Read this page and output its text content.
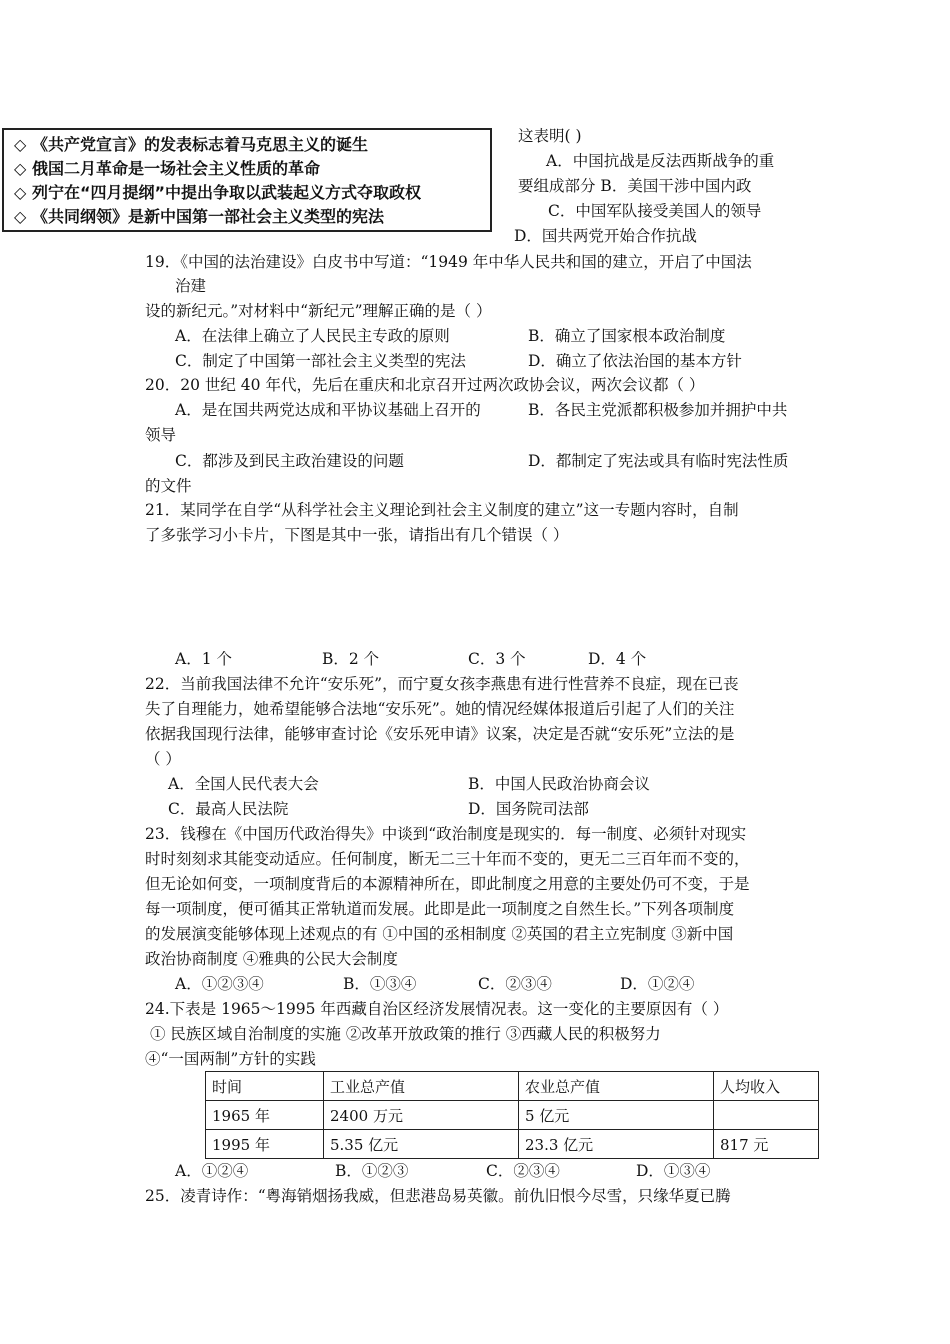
◇ 《共产党宣言》的发表标志着马克思主义的诞生
◇ 俄国二月革命是一场社会主义性质的革命
◇ 列宁在“四月提纲”中提出争取以武装起义方式夺取政权
◇ 《共同纲领》是新中国第一部社会主义类型的宪法
这表明( )
A．中国抗战是反法西斯战争的重
要组成部分 B．美国干涉中国内政
C．中国军队接受美国人的领导
D．国共两党开始合作抗战
19．《中国的法治建设》白皮书中写道：“1949 年中华人民共和国的建立，开启了中国法
治建
设的新纪元。”对材料中“新纪元”理解正确的是（ ）
A．在法律上确立了人民民主专政的原则	B．确立了国家根本政治制度
C．制定了中国第一部社会主义类型的宪法	D．确立了依法治国的基本方针
20．20 世纪 40 年代，先后在重庆和北京召开过两次政协会议，两次会议都（ ）
A．是在国共两党达成和平协议基础上召开的	B．各民主党派都积极参加并拥护中共
领导
C．都涉及到民主政治建设的问题	D．都制定了宪法或具有临时宪法性质
的文件
21．某同学在自学“从科学社会主义理论到社会主义制度的建立”这一专题内容时，自制
了多张学习小卡片，下图是其中一张，请指出有几个错误（ ）
A．1 个	B．2 个	C．3 个	D．4 个
22．当前我国法律不允许“安乐死”，而宁夏女孩李燕患有进行性营养不良症，现在已丧
失了自理能力，她希望能够合法地“安乐死”。她的情况经媒体报道后引起了人们的关注
依据我国现行法律，能够审查讨论《安乐死申请》议案，决定是否就“安乐死”立法的是
（ ）
A．全国人民代表大会	B．中国人民政治协商会议
C．最高人民法院	D．国务院司法部
23．钱穆在《中国历代政治得失》中谈到“政治制度是现实的．每一制度、必须针对现实
时时刻刻求其能变动适应。任何制度，断无二三十年而不变的，更无二三百年而不变的，
但无论如何变，一项制度背后的本源精神所在，即此制度之用意的主要处仍可不变，于是
每一项制度，便可循其正常轨道而发展。此即是此一项制度之自然生长。”下列各项制度
的发展演变能够体现上述观点的有 ①中国的丞相制度 ②英国的君主立宪制度 ③新中国
政治协商制度 ④雅典的公民大会制度
A．①②③④	B．①③④	C．②③④	D．①②④
24.下表是 1965～1995 年西藏自治区经济发展情况表。这一变化的主要原因有（ ）
① 民族区域自治制度的实施 ②改革开放政策的推行 ③西藏人民的积极努力
④“一国两制”方针的实践
时间	工业总产值	农业总产值	人均收入
1965 年	2400 万元	5 亿元	
1995 年	5.35 亿元	23.3 亿元	817 元
A．①②④	B．①②③	C．②③④	D．①③④
25．凌青诗作：“粤海销烟扬我威，但悲港岛易英徽。前仇旧恨今尽雪，只缘华夏已腾
